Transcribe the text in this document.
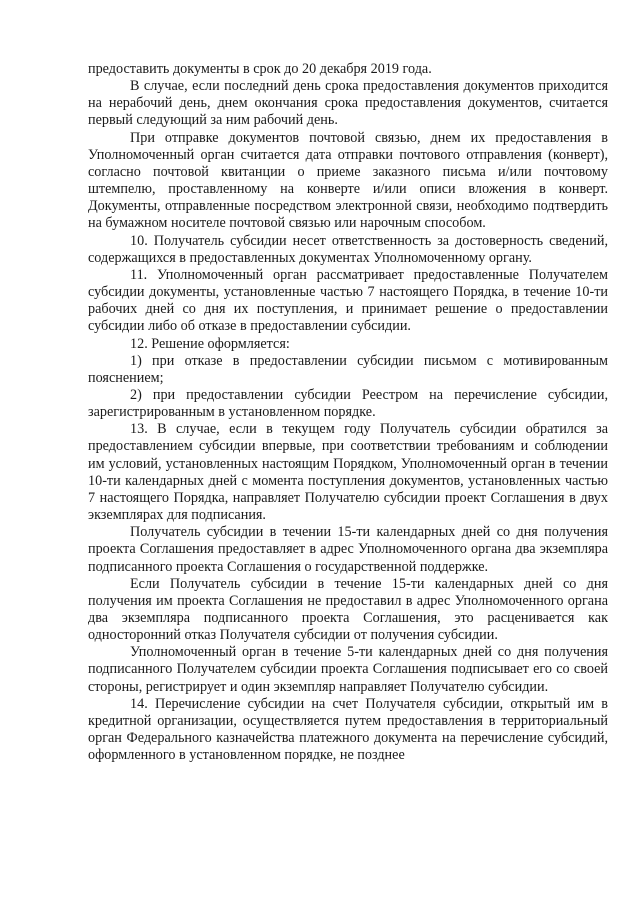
предоставить документы в срок до 20 декабря 2019 года.

В случае, если последний день срока предоставления документов приходится на нерабочий день, днем окончания срока предоставления документов, считается первый следующий за ним рабочий день.

При отправке документов почтовой связью, днем их предоставления в Уполномоченный орган считается дата отправки почтового отправления (конверт), согласно почтовой квитанции о приеме заказного письма и/или почтовому штемпелю, проставленному на конверте и/или описи вложения в конверт. Документы, отправленные посредством электронной связи, необходимо подтвердить на бумажном носителе почтовой связью или нарочным способом.

10. Получатель субсидии несет ответственность за достоверность сведений, содержащихся в предоставленных документах Уполномоченному органу.

11. Уполномоченный орган рассматривает предоставленные Получателем субсидии документы, установленные частью 7 настоящего Порядка, в течение 10-ти рабочих дней со дня их поступления, и принимает решение о предоставлении субсидии либо об отказе в предоставлении субсидии.

12. Решение оформляется:

1) при отказе в предоставлении субсидии письмом с мотивированным пояснением;

2) при предоставлении субсидии Реестром на перечисление субсидии, зарегистрированным в установленном порядке.

13. В случае, если в текущем году Получатель субсидии обратился за предоставлением субсидии впервые, при соответствии требованиям и соблюдении им условий, установленных настоящим Порядком, Уполномоченный орган в течении 10-ти календарных дней с момента поступления документов, установленных частью 7 настоящего Порядка, направляет Получателю субсидии проект Соглашения в двух экземплярах для подписания.

Получатель субсидии в течении 15-ти календарных дней со дня получения проекта Соглашения предоставляет в адрес Уполномоченного органа два экземпляра подписанного проекта Соглашения о государственной поддержке.

Если Получатель субсидии в течение 15-ти календарных дней со дня получения им проекта Соглашения не предоставил в адрес Уполномоченного органа два экземпляра подписанного проекта Соглашения, это расценивается как односторонний отказ Получателя субсидии от получения субсидии.

Уполномоченный орган в течение 5-ти календарных дней со дня получения подписанного Получателем субсидии проекта Соглашения подписывает его со своей стороны, регистрирует и один экземпляр направляет Получателю субсидии.

14. Перечисление субсидии на счет Получателя субсидии, открытый им в кредитной организации, осуществляется путем предоставления в территориальный орган Федерального казначейства платежного документа на перечисление субсидий, оформленного в установленном порядке, не позднее
